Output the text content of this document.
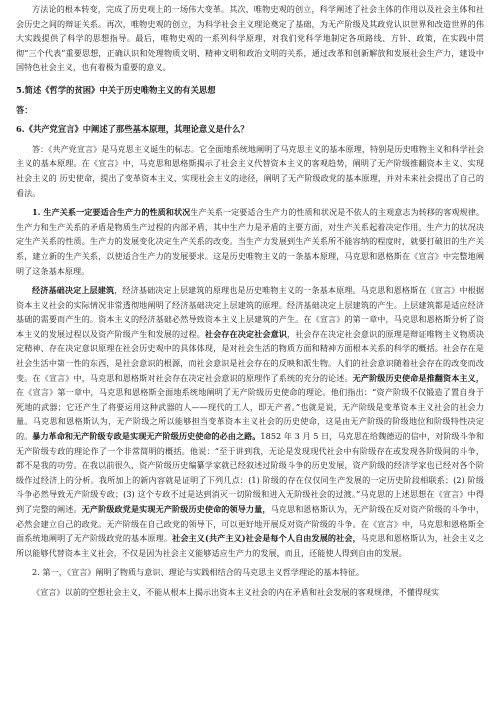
方法论的根本转变，完成了历史观上的一场伟大变革。其次，唯物史观的创立，科学阐述了社会主体的作用以及社会主体和社会历史之间的辩证关系。再次，唯物史观的创立，为科学社会主义理论奠定了基础，为无产阶级及其政党认识世界和改造世界的伟大实践提供了科学的思想指导。最后，唯物史观的一系列科学原理，对我们党科学地制定各项路线、方针、政策，在实践中贯彻“三个代表”重要思想，正确认识和处理物质文明、精神文明和政治文明的关系，通过改革和创新解放和发展社会生产力，建设中国特色社会主义，也有着极为重要的意义。

5.简述《哲学的贫困》中关于历史唯物主义的有关思想

答：

6.《共产党宣言》中阐述了那些基本原理，其理论意义是什么？

答：《共产党宣言》是马克思主义诞生的标志。它全面地系统地阐明了马克思主义的基本原理，特别是历史唯物主义和科学社会主义的基本原理。在《宣言》中，马克思和恩格斯揭示了社会主义代替资本主义的客观趋势，阐明了无产阶级推翻资本主义、实现社会主义的 历史使命，提出了变革资本主义、实现社会主义的途径，阐明了无产阶级政党的基本原理，并对未来社会提出了自己的看法。

1. 生产关系一定要适合生产力的性质和状况生产关系一定要适合生产力的性质和状况是不依人的主观意志为转移的客观规律。生产力和生产关系的矛盾是物质生产过程的内部矛盾，其中生产力是矛盾的主要方面，对生产关系起着决定作用。生产力的状况决定生产关系的性质。生产力的发展变化决定生产关系的改变。当生产力发展到生产关系所不能容纳的程度时，就要打破旧的生产关系，建立新的生产关系，以使适合生产力的发展要求。这是历史唯物主义的一条基本原理，马克思和恩格斯在《宣言》中完整地阐明了这条基本原理。

经济基础决定上层建筑，经济基础决定上层建筑的原理也是历史唯物主义的一条基本原理。马克思和恩格斯在《宣言》中根据资本主义社会的实际情况非常透彻地阐明了经济基础决定上层建筑的原理。经济基础决定上层建筑的产生。上层建筑都是适应经济基础的需要而产生的。资本主义的经济基础必然导致资本主义上层建筑的产生。在《宣言》的第一章中，马克思和恩格斯分析了资本主义的发展过程以及资产阶级产生和发展的过程。社会存在决定社会意识，社会存在决定社会意识的原理是辩证唯物主义物质决定精神、存在决定意识原理在社会历史观中的具体体现，是对社会生活的物质方面和精神方面根本关系的科学的概括。社会存在是社会生活中第一性的东西，是社会意识的根源，而社会意识是社会存在的反映和派生物。人们的社会意识随着社会存在的改变而改变。在《宣言》中，马克思和恩格斯对社会存在决定社会意识的原理作了系统的充分的论述。无产阶级历史使命是推翻资本主义，在《宣言》第一章中，马克思和恩格斯全面地系统地阐明了无产阶级历史使命的理论。他们指出：“资产阶级不仅锻造了置自身于死地的武器；它还产生了将要运用这种武器的人——现代的工人，即无产者。”也就是说，无产阶级是变革资本主义社会的社会力量。马克思和恩格斯认为，无产阶级之所以能够担当变革资本主义社会的历史使命，这是由无产阶级的阶级地位和阶级特性决定的。暴力革命和无产阶级专政是实现无产阶级历史使命的必由之路。1852 年 3 月 5 日，马克思在给魏德迈的信中，对阶级斗争和无产阶级专政的理论作了一个非常简明的概括。他说：“至于讲到我，无论是发现现代社会中有阶级存在或发现各阶级间的斗争，都不是我的功劳。在我以前很久，资产阶级历史编纂学家就已经叙述过阶级斗争的历史发展，资产阶级的经济学家也已经对各个阶级作过经济上的分析。我所加上的新内容就是证明了下列几点：(1) 阶级的存在仅仅同生产发展的一定历史阶段相联系；(2) 阶级斗争必然导致无产阶级专政；(3) 这个专政不过是达到消灭一切阶级和进入无阶级社会的过渡。”马克思的上述思想在《宣言》中得到了完整的阐述。无产阶级政党是实现无产阶级历史使命的领导力量，马克思和恩格斯认为，无产阶级在反对资产阶级的斗争中，必然会建立自己的政党。无产阶级在自己政党的领导下，可以更好地开展反对资产阶级的斗争。在《宣言》中，马克思和恩格斯全面系统地阐明了无产阶级政党的基本原理。社会主义(共产主义)社会是每个人自由发展的社会，马克思和恩格斯认为，社会主义之所以能够代替资本主义社会，不仅是因为社会主义能够适应生产力的发展，而且，还能使人得到自由的发展。

2. 第一，《宣言》阐明了物质与意识、理论与实践相结合的马克思主义哲学理论的基本特征。

《宣言》以前的空想社会主义，不能从根本上揭示出资本主义社会的内在矛盾和社会发展的客观规律，不懂得现实
